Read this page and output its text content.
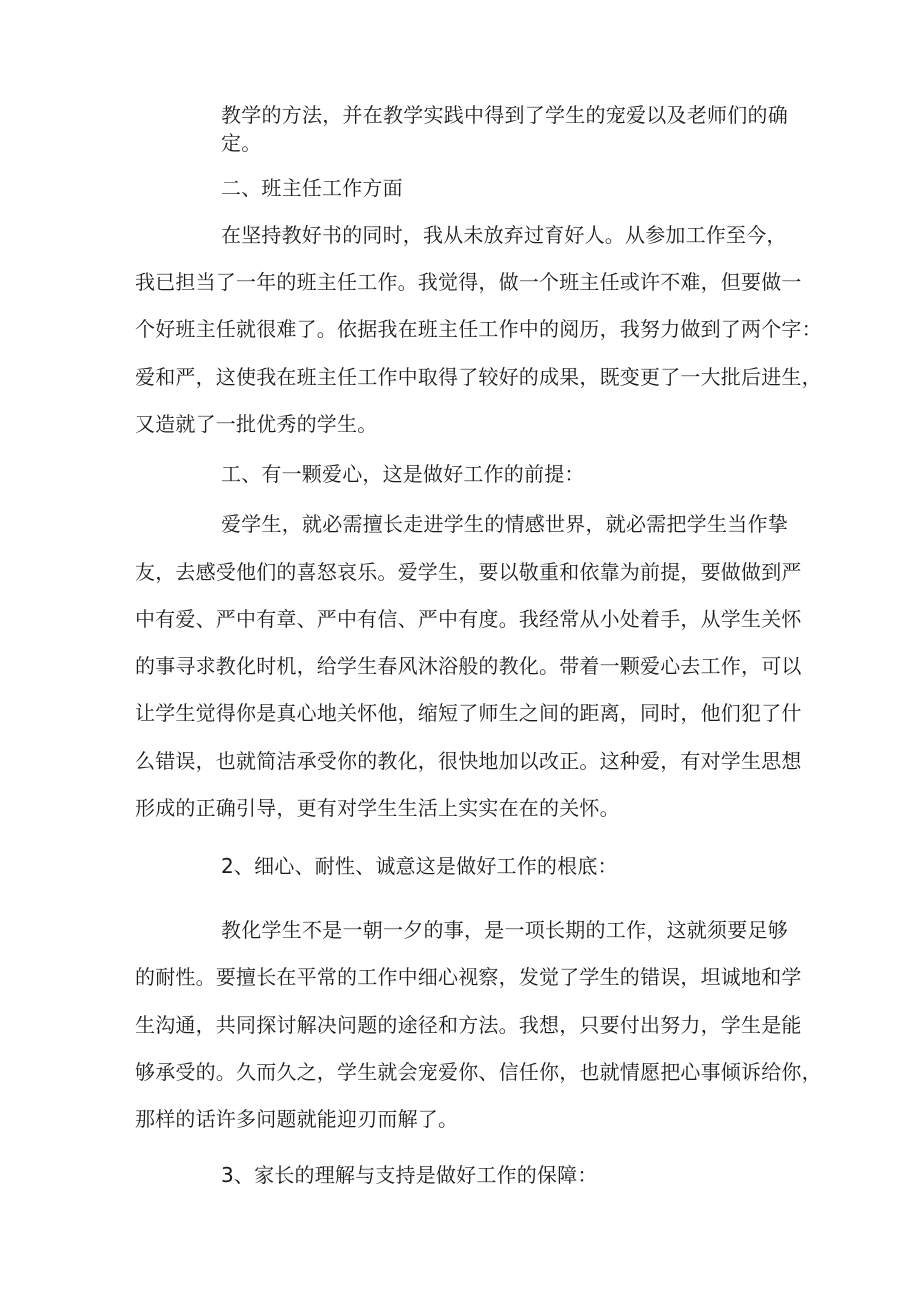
教学的方法，并在教学实践中得到了学生的宠爱以及老师们的确
定。
二、班主任工作方面
在坚持教好书的同时，我从未放弃过育好人。从参加工作至今，
我已担当了一年的班主任工作。我觉得，做一个班主任或许不难，但要做一
个好班主任就很难了。依据我在班主任工作中的阅历，我努力做到了两个字：
爱和严，这使我在班主任工作中取得了较好的成果，既变更了一大批后进生，
又造就了一批优秀的学生。
工、有一颗爱心，这是做好工作的前提：
爱学生，就必需擅长走进学生的情感世界，就必需把学生当作挚
友，去感受他们的喜怒哀乐。爱学生，要以敬重和依靠为前提，要做做到严
中有爱、严中有章、严中有信、严中有度。我经常从小处着手，从学生关怀
的事寻求教化时机，给学生春风沐浴般的教化。带着一颗爱心去工作，可以
让学生觉得你是真心地关怀他，缩短了师生之间的距离，同时，他们犯了什
么错误，也就简洁承受你的教化，很快地加以改正。这种爱，有对学生思想
形成的正确引导，更有对学生生活上实实在在的关怀。
2、细心、耐性、诚意这是做好工作的根底：
教化学生不是一朝一夕的事，是一项长期的工作，这就须要足够
的耐性。要擅长在平常的工作中细心视察，发觉了学生的错误，坦诚地和学
生沟通，共同探讨解决问题的途径和方法。我想，只要付出努力，学生是能
够承受的。久而久之，学生就会宠爱你、信任你，也就情愿把心事倾诉给你，
那样的话许多问题就能迎刃而解了。
3、家长的理解与支持是做好工作的保障：
